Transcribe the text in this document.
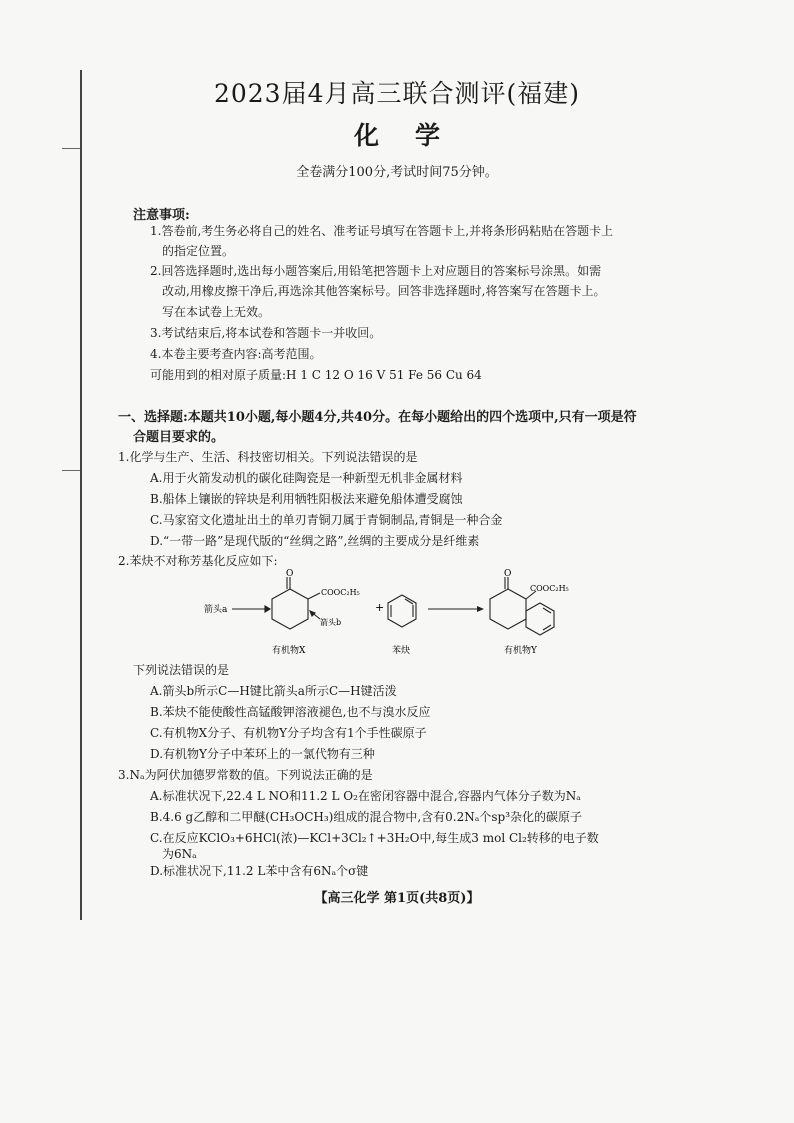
2023届4月高三联合测评(福建)
化学
全卷满分100分,考试时间75分钟。
注意事项:
1.答卷前,考生务必将自己的姓名、准考证号填写在答题卡上,并将条形码粘贴在答题卡上
的指定位置。
2.回答选择题时,选出每小题答案后,用铅笔把答题卡上对应题目的答案标号涂黑。如需
改动,用橡皮擦干净后,再选涂其他答案标号。回答非选择题时,将答案写在答题卡上。
写在本试卷上无效。
3.考试结束后,将本试卷和答题卡一并收回。
4.本卷主要考查内容:高考范围。
可能用到的相对原子质量:H 1 C 12 O 16 V 51 Fe 56 Cu 64
一、选择题:本题共10小题,每小题4分,共40分。在每小题给出的四个选项中,只有一项是符
合题目要求的。
1.化学与生产、生活、科技密切相关。下列说法错误的是
A.用于火箭发动机的碳化硅陶瓷是一种新型无机非金属材料
B.船体上镶嵌的锌块是利用牺牲阳极法来避免船体遭受腐蚀
C.马家窑文化遗址出土的单刃青铜刀属于青铜制品,青铜是一种合金
D.“一带一路”是现代版的“丝绸之路”,丝绸的主要成分是纤维素
2.苯炔不对称芳基化反应如下:
O
COOC₂H₅
箭头a
箭头b
+
O
COOC₂H₅
有机物X	苯炔	有机物Y
下列说法错误的是
A.箭头b所示C—H键比箭头a所示C—H键活泼
B.苯炔不能使酸性高锰酸钾溶液褪色,也不与溴水反应
C.有机物X分子、有机物Y分子均含有1个手性碳原子
D.有机物Y分子中苯环上的一氯代物有三种
3.Nₐ为阿伏加德罗常数的值。下列说法正确的是
A.标准状况下,22.4 L NO和11.2 L O₂在密闭容器中混合,容器内气体分子数为Nₐ
B.4.6 g乙醇和二甲醚(CH₃OCH₃)组成的混合物中,含有0.2Nₐ个sp³杂化的碳原子
C.在反应KClO₃+6HCl(浓)—KCl+3Cl₂↑+3H₂O中,每生成3 mol Cl₂转移的电子数
为6Nₐ
D.标准状况下,11.2 L苯中含有6Nₐ个σ键
【高三化学 第1页(共8页)】
